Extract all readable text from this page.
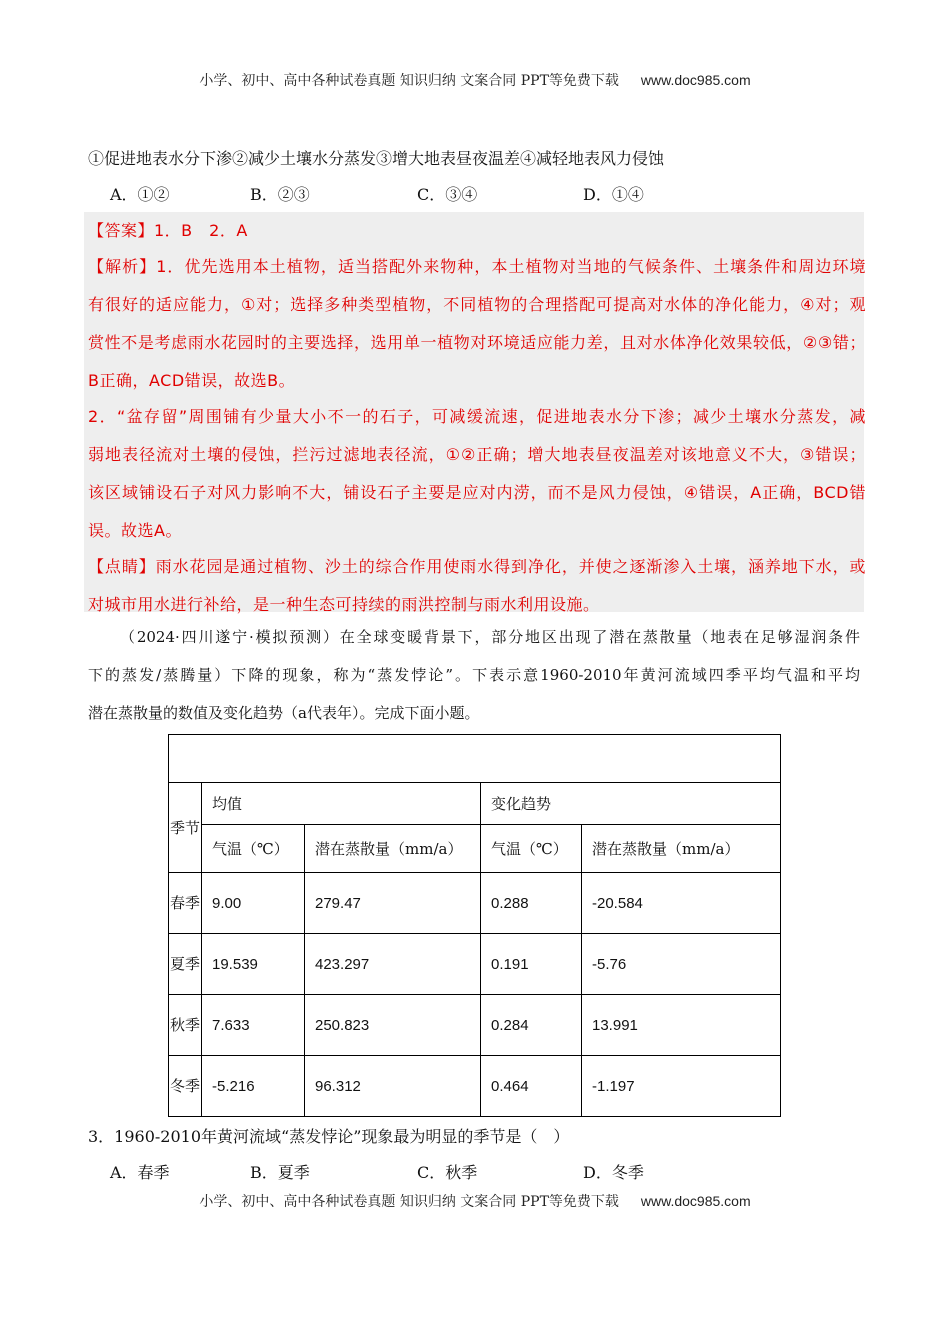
小学、初中、高中各种试卷真题 知识归纳 文案合同 PPT等免费下载 www.doc985.com
①促进地表水分下渗②减少土壤水分蒸发③增大地表昼夜温差④减轻地表风力侵蚀
A．①②	B．②③	C．③④	D．①④
【答案】1．B　2．A
【解析】1．优先选用本土植物，适当搭配外来物种，本土植物对当地的气候条件、土壤条件和周边环境
有很好的适应能力，①对；选择多种类型植物，不同植物的合理搭配可提高对水体的净化能力，④对；观
赏性不是考虑雨水花园时的主要选择，选用单一植物对环境适应能力差，且对水体净化效果较低，②③错；
B正确，ACD错误，故选B。
2．“盆存留”周围铺有少量大小不一的石子，可减缓流速，促进地表水分下渗；减少土壤水分蒸发，减
弱地表径流对土壤的侵蚀，拦污过滤地表径流，①②正确；增大地表昼夜温差对该地意义不大，③错误；
该区域铺设石子对风力影响不大，铺设石子主要是应对内涝，而不是风力侵蚀，④错误，A正确，BCD错
误。故选A。
【点睛】雨水花园是通过植物、沙土的综合作用使雨水得到净化，并使之逐渐渗入土壤，涵养地下水，或
对城市用水进行补给，是一种生态可持续的雨洪控制与雨水利用设施。
（2024·四川遂宁·模拟预测）在全球变暖背景下，部分地区出现了潜在蒸散量（地表在足够湿润条件
下的蒸发/蒸腾量）下降的现象，称为“蒸发悖论”。下表示意1960-2010年黄河流域四季平均气温和平均
潜在蒸散量的数值及变化趋势（a代表年）。完成下面小题。

季节	均值		变化趋势	
	气温（℃）	潜在蒸散量（mm/a）	气温（℃）	潜在蒸散量（mm/a）
春季	9.00	279.47	0.288	-20.584
夏季	19.539	423.297	0.191	-5.76
秋季	7.633	250.823	0.284	13.991
冬季	-5.216	96.312	0.464	-1.197
3．1960-2010年黄河流域“蒸发悖论”现象最为明显的季节是（　）
A．春季	B．夏季	C．秋季	D．冬季
小学、初中、高中各种试卷真题 知识归纳 文案合同 PPT等免费下载 www.doc985.com
